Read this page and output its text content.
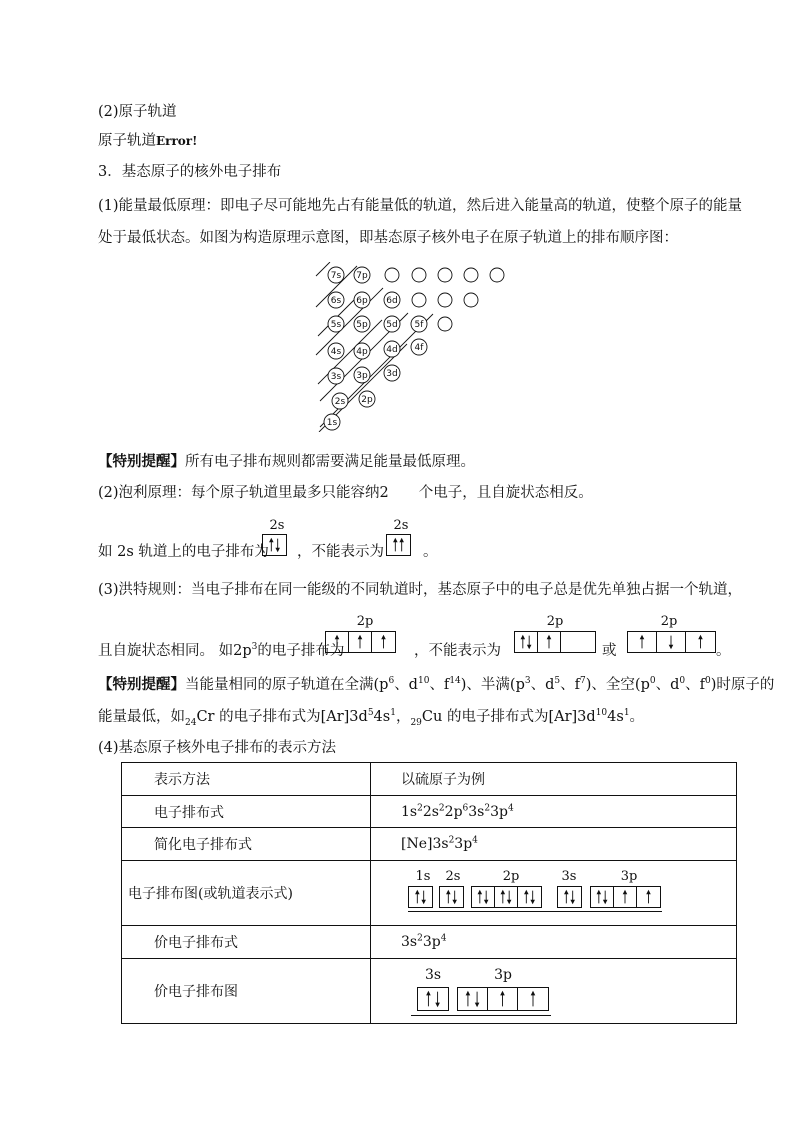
(2)原子轨道
原子轨道Error!
3．基态原子的核外电子排布
(1)能量最低原理：即电子尽可能地先占有能量低的轨道，然后进入能量高的轨道，使整个原子的能量
处于最低状态。如图为构造原理示意图，即基态原子核外电子在原子轨道上的排布顺序图：
7s 7p
6s 6p 6d
5s 5p 5d 5f
4s 4p 4d 4f
3s 3p 3d
2s 2p
1s
【特别提醒】所有电子排布规则都需要满足能量最低原理。
(2)泡利原理：每个原子轨道里最多只能容纳2 个电子，且自旋状态相反。
如 2s 轨道上的电子排布为
2s
，不能表示为
2s
。
(3)洪特规则：当电子排布在同一能级的不同轨道时，基态原子中的电子总是优先单独占据一个轨道，
且自旋状态相同。 如$2p^3$的电子排布为
2p
，不能表示为
2p
或
2p
。
【特别提醒】当能量相同的原子轨道在全满($p^6$、$d^{10}$、$f^{14}$)、半满($p^3$、$d^5$、$f^7$)、全空($p^0$、$d^0$、$f^0$)时原子的
能量最低，如$_{24}$Cr 的电子排布式为$[Ar]3d^54s^1$，$_{29}$Cu 的电子排布式为$[Ar]3d^{10}4s^1$。
(4)基态原子核外电子排布的表示方法
表示方法	以硫原子为例
电子排布式	$1s^22s^22p^63s^23p^4$
简化电子排布式	$[Ne]3s^23p^4$
电子排布图(或轨道表示式)	1s 2s 2p 3s 3p

价电子排布式	$3s^23p^4$
价电子排布图	3s 3p
